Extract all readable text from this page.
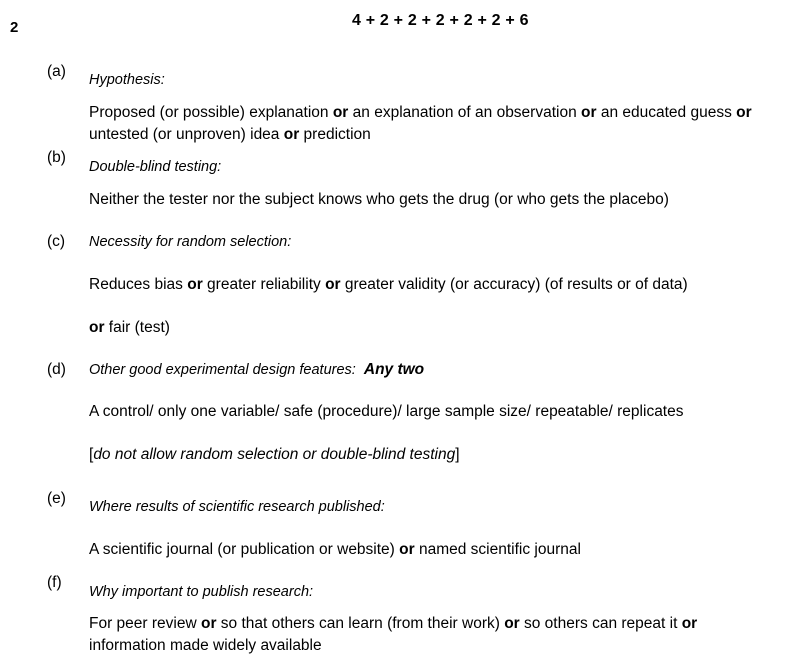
2	4 + 2 + 2 + 2 + 2 + 2 + 6
(a) Hypothesis:
Proposed (or possible) explanation or an explanation of an observation or an educated guess or
untested (or unproven) idea or prediction
(b)
Double-blind testing:
Neither the tester nor the subject knows who gets the drug (or who gets the placebo)
(c) Necessity for random selection:
Reduces bias or greater reliability or greater validity (or accuracy) (of results or of data)
or fair (test)
(d) Other good experimental design features: Any two
A control/ only one variable/ safe (procedure)/ large sample size/ repeatable/ replicates
[do not allow random selection or double-blind testing]
(e) Where results of scientific research published:
A scientific journal (or publication or website) or named scientific journal
(f)
Why important to publish research:
For peer review or so that others can learn (from their work) or so others can repeat it or
information made widely available
